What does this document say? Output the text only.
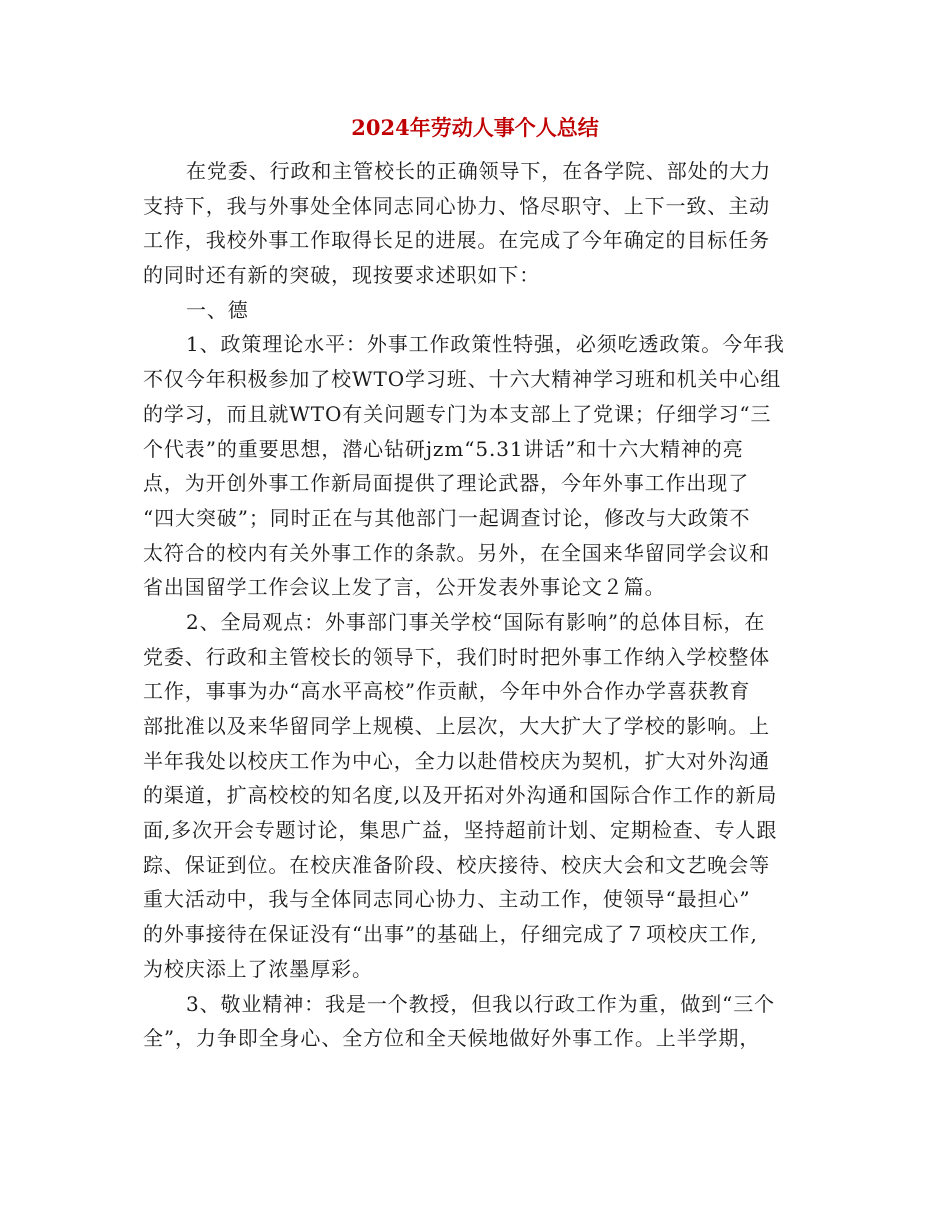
2024年劳动人事个人总结
在党委、行政和主管校长的正确领导下，在各学院、部处的大力
支持下，我与外事处全体同志同心协力、恪尽职守、上下一致、主动
工作，我校外事工作取得长足的进展。在完成了今年确定的目标任务
的同时还有新的突破，现按要求述职如下：
一、德
1、政策理论水平：外事工作政策性特强，必须吃透政策。今年我
不仅今年积极参加了校WTO学习班、十六大精神学习班和机关中心组
的学习，而且就WTO有关问题专门为本支部上了党课；仔细学习“三
个代表”的重要思想，潜心钻研jzm“5.31讲话”和十六大精神的亮
点，为开创外事工作新局面提供了理论武器，今年外事工作出现了
“四大突破”；同时正在与其他部门一起调查讨论，修改与大政策不
太符合的校内有关外事工作的条款。另外，在全国来华留同学会议和
省出国留学工作会议上发了言，公开发表外事论文２篇。
2、全局观点：外事部门事关学校“国际有影响”的总体目标，在
党委、行政和主管校长的领导下，我们时时把外事工作纳入学校整体
工作，事事为办“高水平高校”作贡献，今年中外合作办学喜获教育
部批准以及来华留同学上规模、上层次，大大扩大了学校的影响。上
半年我处以校庆工作为中心，全力以赴借校庆为契机，扩大对外沟通
的渠道，扩高校校的知名度,以及开拓对外沟通和国际合作工作的新局
面,多次开会专题讨论，集思广益，坚持超前计划、定期检查、专人跟
踪、保证到位。在校庆准备阶段、校庆接待、校庆大会和文艺晚会等
重大活动中，我与全体同志同心协力、主动工作，使领导“最担心”
的外事接待在保证没有“出事”的基础上，仔细完成了７项校庆工作,
为校庆添上了浓墨厚彩。
3、敬业精神：我是一个教授，但我以行政工作为重，做到“三个
全”，力争即全身心、全方位和全天候地做好外事工作。上半学期，
